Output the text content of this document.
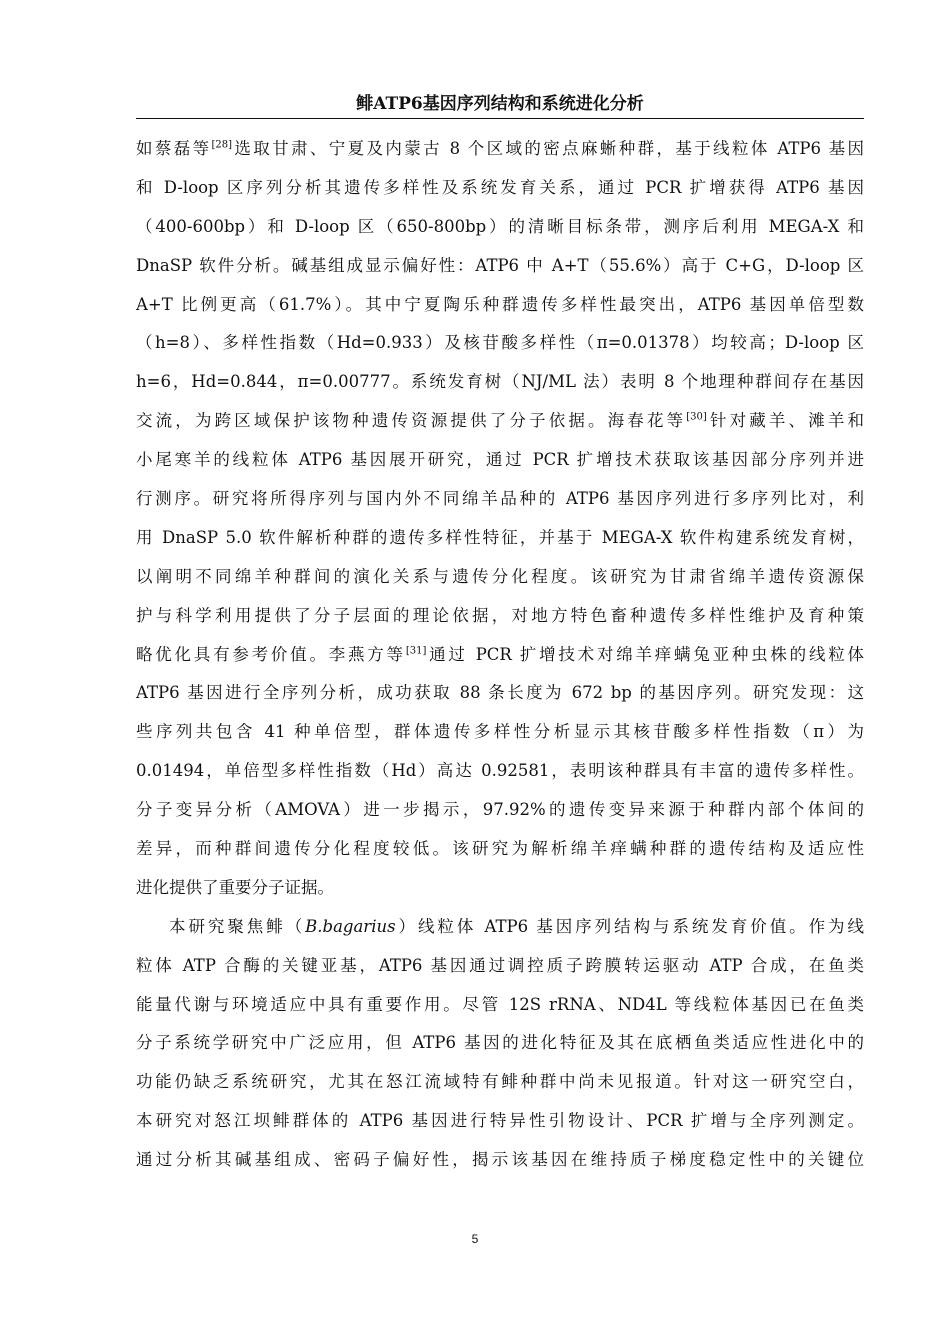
鲱ATP6基因序列结构和系统进化分析
如蔡磊等[28]选取甘肃、宁夏及内蒙古 8 个区域的密点麻蜥种群，基于线粒体 ATP6 基因
和 D-loop 区序列分析其遗传多样性及系统发育关系，通过 PCR 扩增获得 ATP6 基因
（400-600bp）和 D-loop 区（650-800bp）的清晰目标条带，测序后利用 MEGA-X 和
DnaSP 软件分析。碱基组成显示偏好性：ATP6 中 A+T（55.6%）高于 C+G，D-loop 区
A+T 比例更高（61.7%）。其中宁夏陶乐种群遗传多样性最突出，ATP6 基因单倍型数
（h=8）、多样性指数（Hd=0.933）及核苷酸多样性（π=0.01378）均较高；D-loop 区
h=6，Hd=0.844，π=0.00777。系统发育树（NJ/ML 法）表明 8 个地理种群间存在基因
交流，为跨区域保护该物种遗传资源提供了分子依据。海春花等[30]针对藏羊、滩羊和
小尾寒羊的线粒体 ATP6 基因展开研究，通过 PCR 扩增技术获取该基因部分序列并进
行测序。研究将所得序列与国内外不同绵羊品种的 ATP6 基因序列进行多序列比对，利
用 DnaSP 5.0 软件解析种群的遗传多样性特征，并基于 MEGA-X 软件构建系统发育树，
以阐明不同绵羊种群间的演化关系与遗传分化程度。该研究为甘肃省绵羊遗传资源保
护与科学利用提供了分子层面的理论依据，对地方特色畜种遗传多样性维护及育种策
略优化具有参考价值。李燕方等[31]通过 PCR 扩增技术对绵羊痒螨兔亚种虫株的线粒体
ATP6 基因进行全序列分析，成功获取 88 条长度为 672 bp 的基因序列。研究发现：这
些序列共包含 41 种单倍型，群体遗传多样性分析显示其核苷酸多样性指数（π）为
0.01494，单倍型多样性指数（Hd）高达 0.92581，表明该种群具有丰富的遗传多样性。
分子变异分析（AMOVA）进一步揭示，97.92%的遗传变异来源于种群内部个体间的
差异，而种群间遗传分化程度较低。该研究为解析绵羊痒螨种群的遗传结构及适应性
进化提供了重要分子证据。
本研究聚焦鲱（B.bagarius）线粒体 ATP6 基因序列结构与系统发育价值。作为线
粒体 ATP 合酶的关键亚基，ATP6 基因通过调控质子跨膜转运驱动 ATP 合成，在鱼类
能量代谢与环境适应中具有重要作用。尽管 12S rRNA、ND4L 等线粒体基因已在鱼类
分子系统学研究中广泛应用，但 ATP6 基因的进化特征及其在底栖鱼类适应性进化中的
功能仍缺乏系统研究，尤其在怒江流域特有鲱种群中尚未见报道。针对这一研究空白，
本研究对怒江坝鲱群体的 ATP6 基因进行特异性引物设计、PCR 扩增与全序列测定。
通过分析其碱基组成、密码子偏好性，揭示该基因在维持质子梯度稳定性中的关键位
5
